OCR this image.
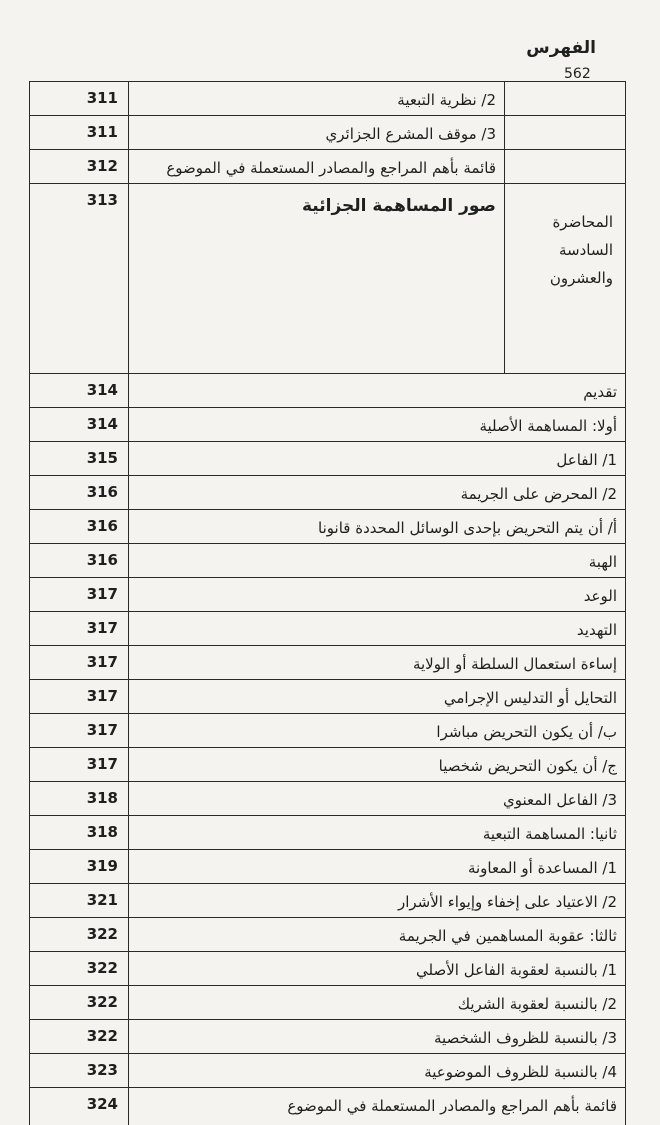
الفهرس
562
311	2/ نظرية التبعية
311	3/ موقف المشرع الجزائري
312	قائمة بأهم المراجع والمصادر المستعملة في الموضوع
313	صور المساهمة الجزائية
المحاضرة
السادسة
والعشرون
314	تقديم
314	أولا: المساهمة الأصلية
315	1/ الفاعل
316	2/ المحرض على الجريمة
316	أ/ أن يتم التحريض بإحدى الوسائل المحددة قانونا
316	الهبة
317	الوعد
317	التهديد
317	إساءة استعمال السلطة أو الولاية
317	التحايل أو التدليس الإجرامي
317	ب/ أن يكون التحريض مباشرا
317	ج/ أن يكون التحريض شخصيا
318	3/ الفاعل المعنوي
318	ثانيا: المساهمة التبعية
319	1/ المساعدة أو المعاونة
321	2/ الاعتياد على إخفاء وإيواء الأشرار
322	ثالثا: عقوبة المساهمين في الجريمة
322	1/ بالنسبة لعقوبة الفاعل الأصلي
322	2/ بالنسبة لعقوبة الشريك
322	3/ بالنسبة للظروف الشخصية
323	4/ بالنسبة للظروف الموضوعية
324	قائمة بأهم المراجع والمصادر المستعملة في الموضوع
